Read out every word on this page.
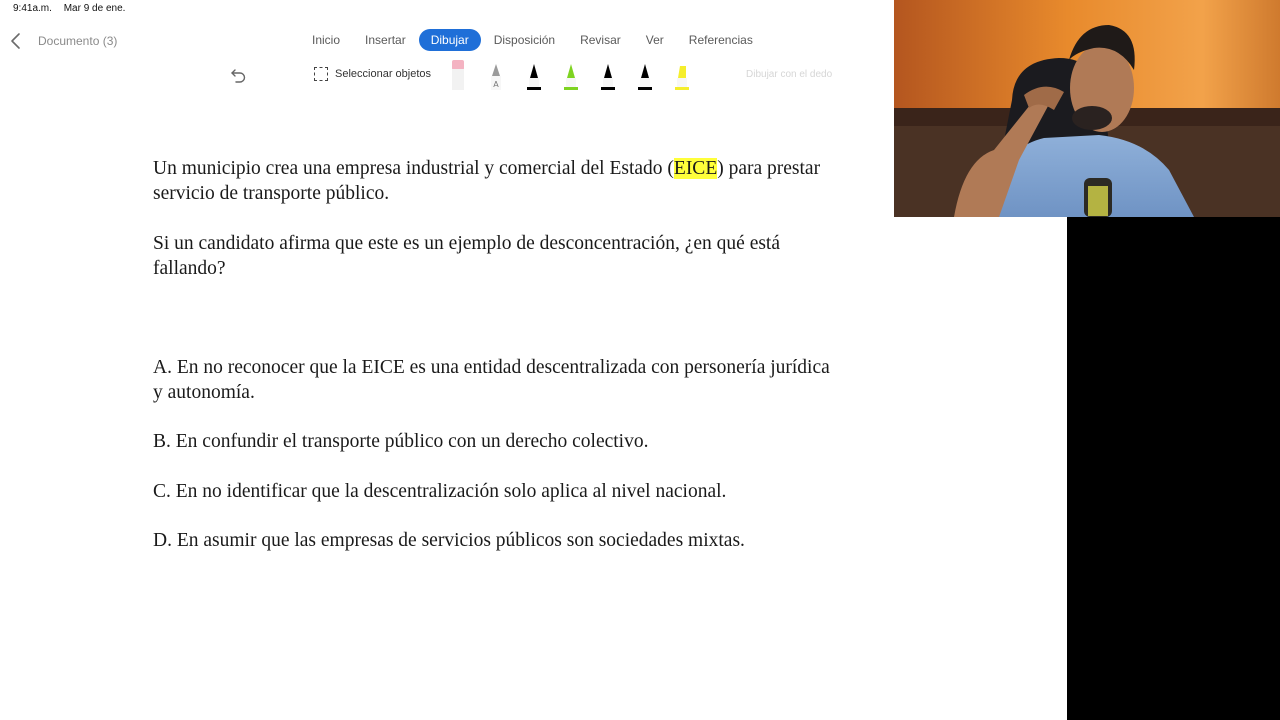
9:41a.m. Mar 9 de ene.
Documento (3)	Inicio	Insertar	Dibujar	Disposición	Revisar	Ver	Referencias
Seleccionar objetos
A
Dibujar con el dedo

Un municipio crea una empresa industrial y comercial del Estado (EICE) para prestar
servicio de transporte público.

Si un candidato afirma que este es un ejemplo de desconcentración, ¿en qué está
fallando?

A. En no reconocer que la EICE es una entidad descentralizada con personería jurídica
y autonomía.

B. En confundir el transporte público con un derecho colectivo.

C. En no identificar que la descentralización solo aplica al nivel nacional.

D. En asumir que las empresas de servicios públicos son sociedades mixtas.
